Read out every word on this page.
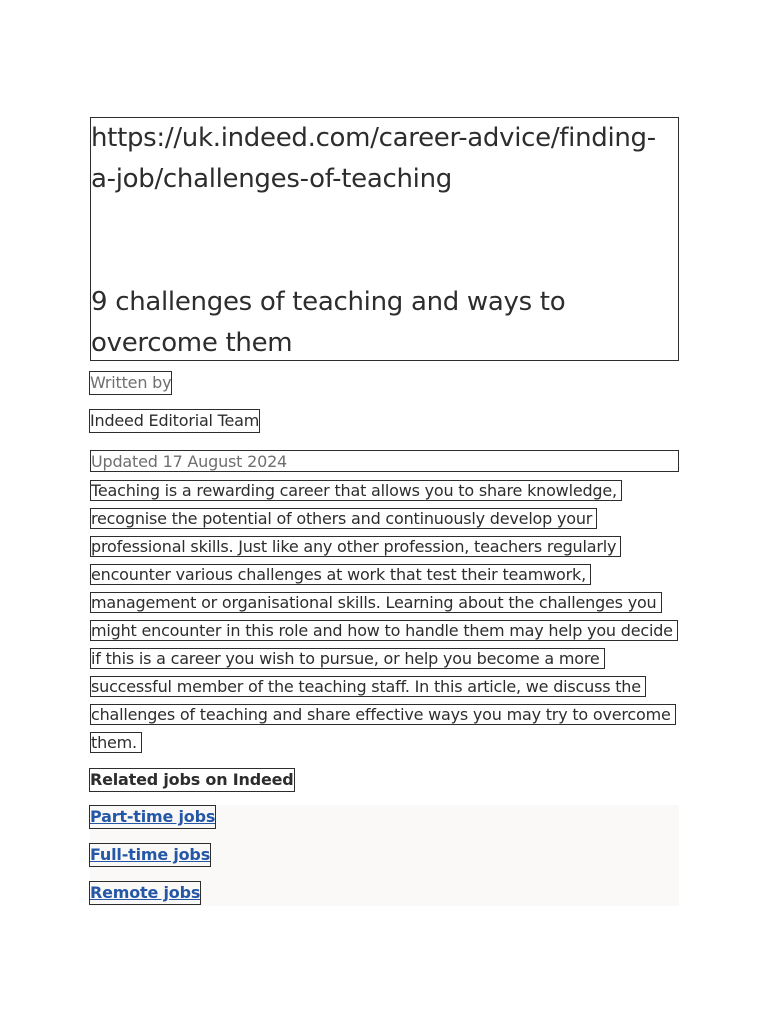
https://uk.indeed.com/career-advice/finding-a-job/challenges-of-teaching
9 challenges of teaching and ways to overcome them
Written by
Indeed Editorial Team
Updated 17 August 2024
Teaching is a rewarding career that allows you to share knowledge, recognise the potential of others and continuously develop your professional skills. Just like any other profession, teachers regularly encounter various challenges at work that test their teamwork, management or organisational skills. Learning about the challenges you might encounter in this role and how to handle them may help you decide if this is a career you wish to pursue, or help you become a more successful member of the teaching staff. In this article, we discuss the challenges of teaching and share effective ways you may try to overcome them.
Related jobs on Indeed
Part-time jobs
Full-time jobs
Remote jobs
